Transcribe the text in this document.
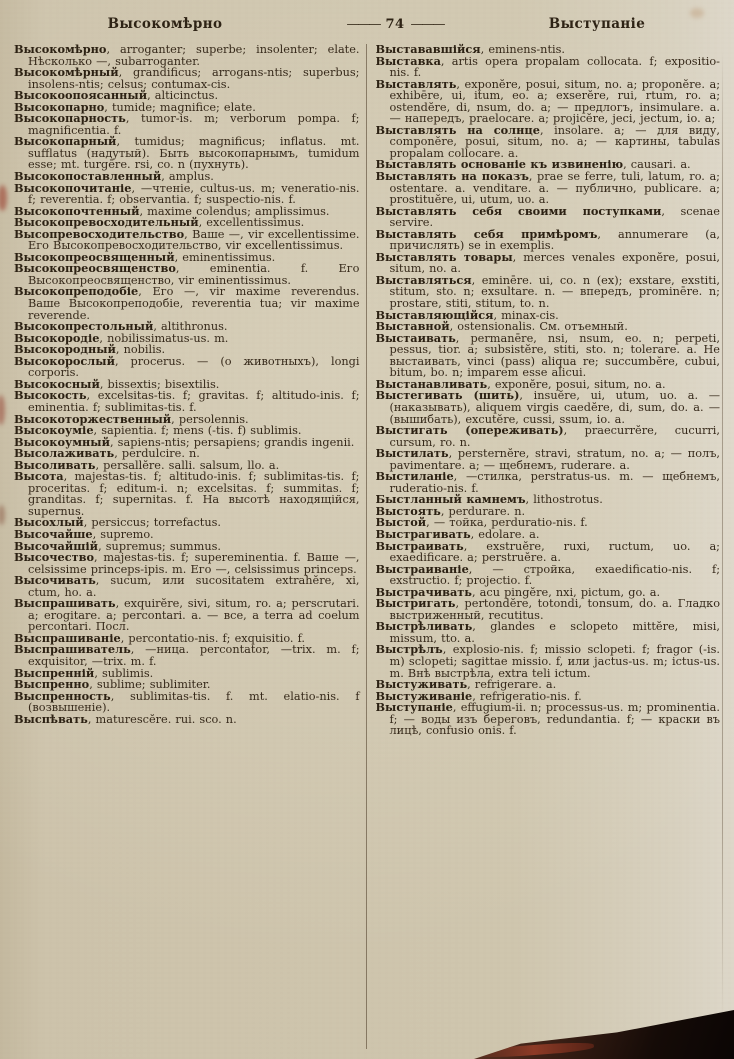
Высокомѣрно	——— 74 ———	Выступаніе

Высокомѣрно, arroganter; superbe; insolenter; elate. Нѣсколько —, subarroganter.

Высокомѣрный, grandificus; arrogans-ntis; superbus; insolens-ntis; celsus; contumax-cis.

Высокоопоясанный, alticinctus.

Высокопарно, tumide; magnifice; elate.

Высокопарность, tumor-is. m; verborum pompa. f; magnificentia. f.

Высокопарный, tumidus; magnificus; inflatus. mt. sufflatus (надутый). Быть высокопарнымъ, tumidum esse; mt. turgēre. rsi, co. n (пухнуть).

Высокопоставленный, amplus.

Высокопочитаніе, —чтеніе, cultus-us. m; veneratio-nis. f; reverentia. f; observantia. f; suspectio-nis. f.

Высокопочтенный, maxime colendus; amplissimus.

Высокопревосходительный, excellentissimus.

Высопревосходительство, Ваше —, vir excellentissime. Его Высокопревосходительство, vir excellentissimus.

Высокопреосвященный, eminentissimus.

Высокопреосвященство, eminentia. f. Его Высокопреосвященство, vir eminentissimus.

Высокопреподобіе, Его —, vir maxime reverendus. Ваше Высокопреподобіе, reverentia tua; vir maxime reverende.

Высокопрестольный, altithronus.

Высокородіе, nobilissimatus-us. m.

Высокородный, nobilis.

Высокорослый, procerus. — (о животныхъ), longi corporis.

Высокосный, bissextis; bisextilis.

Высокость, excelsitas-tis. f; gravitas. f; altitudo-inis. f; eminentia. f; sublimitas-tis. f.

Высокоторжественный, persolennis.

Высокоуміе, sapientia. f; mens (-tis. f) sublimis.

Высокоумный, sapiens-ntis; persapiens; grandis ingenii.

Высолаживать, perdulcire. n.

Высоливать, persallĕre. salli. salsum, llo. a.

Высота, majestas-tis. f; altitudo-inis. f; sublimitas-tis. f; proceritas. f; editum-i. n; excelsitas. f; summitas. f; granditas. f; supernitas. f. На высотѣ находящійся, supernus.

Высохлый, persiccus; torrefactus.

Высочайше, supremo.

Высочайшій, supremus; summus.

Высочество, majestas-tis. f; supereminentia. f. Ваше —, celsissime princeps-ipis. m. Его —, celsissimus princeps.

Высочивать, sucum, или sucositatem extrahĕre, xi, ctum, ho. a.

Выспрашивать, exquirĕre, sivi, situm, ro. a; perscrutari. a; erogitare. a; percontari. a. — все, a terra ad coelum percontari. Посл.

Выспрашиваніе, percontatio-nis. f; exquisitio. f.

Выспрашиватель, —ница. percontator, —trix. m. f; exquisitor, —trix. m. f.

Выспренній, sublimis.

Выспренно, sublime; sublimiter.

Выспренность, sublimitas-tis. f. mt. elatio-nis. f (возвышеніе).

Выспѣвать, maturescĕre. rui. sco. n.

Выстававшійся, eminens-ntis.

Выставка, artis opera propalam collocata. f; expositio-nis. f.

Выставлять, exponĕre, posui, situm, no. a; proponĕre. a; exhibēre, ui, itum, eo. a; exserĕre, rui, rtum, ro. a; ostendĕre, di, nsum, do. a; — предлогъ, insimulare. a. — напередъ, praelocare. a; projicĕre, jeci, jectum, io. a;

Выставлять на солнце, insolare. a; — для виду, componĕre, posui, situm, no. a; — картины, tabulas propalam collocare. a.

Выставлять основаніе къ извиненію, causari. a.

Выставлять на показъ, prae se ferre, tuli, latum, ro. a; ostentare. a. venditare. a. — публично, publicare. a; prostituĕre, ui, utum, uo. a.

Выставлять себя своими поступками, scenae servire.

Выставлять себя примѣромъ, annumerare (a, причислять) se in exemplis.

Выставлять товары, merces venales exponĕre, posui, situm, no. a.

Выставляться, eminēre. ui, co. n (ex); exstare, exstiti, stitum, sto. n; exsultare. n. — впередъ, prominēre. n; prostare, stiti, stitum, to. n.

Выставляющійся, minax-cis.

Выставной, ostensionalis. См. отъемный.

Выстаивать, permanēre, nsi, nsum, eo. n; perpeti, pessus, tior. a; subsistĕre, stiti, sto. n; tolerare. a. Не выстаивать, vinci (pass) aliqua re; succumbĕre, cubui, bitum, bo. n; imparem esse alicui.

Выстанавливать, exponĕre, posui, situm, no. a.

Выстегивать (шить), insuĕre, ui, utum, uo. a. — (наказывать), aliquem virgis caedĕre, di, sum, do. a. — (вышибать), excutĕre, cussi, ssum, io. a.

Выстигать (опереживать), praecurrĕre, cucurri, cursum, ro. n.

Выстилать, persternĕre, stravi, stratum, no. a; — полъ, pavimentare. a; — щебнемъ, ruderare. a.

Выстиланіе, —стилка, perstratus-us. m. — щебнемъ, ruderatio-nis. f.

Быстланный камнемъ, lithostrotus.

Выстоять, perdurare. n.

Выстой, — тойка, perduratio-nis. f.

Выстрагивать, edolare. a.

Выстраивать, exstruĕre, ruxi, ructum, uo. a; exaedificare. a; perstruĕre. a.

Выстраиваніе, — стройка, exaedificatio-nis. f; exstructio. f; projectio. f.

Выстрачивать, acu pingĕre, nxi, pictum, go. a.

Выстригать, pertondĕre, totondi, tonsum, do. a. Гладко выстриженный, recutitus.

Выстрѣливать, glandes e sclopeto mittĕre, misi, missum, tto. a.

Выстрѣлъ, explosio-nis. f; missio sclopeti. f; fragor (-is. m) sclopeti; sagittae missio. f, или jactus-us. m; ictus-us. m. Внѣ выстрѣла, extra teli ictum.

Выстуживать, refrigerare. a.

Выстуживаніе, refrigeratio-nis. f.

Выступаніе, effugium-ii. n; processus-us. m; prominentia. f; — воды изъ береговъ, redundantia. f; — краски въ лицѣ, confusio onis. f.
